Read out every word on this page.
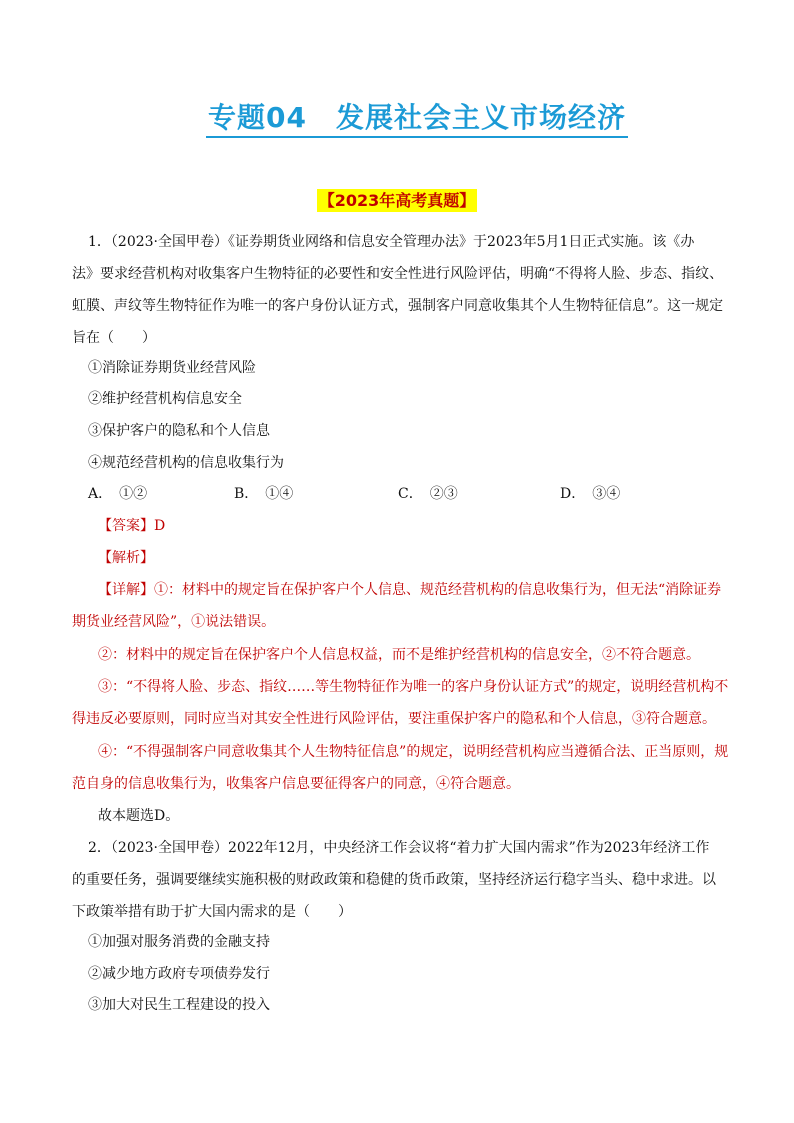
专题04　发展社会主义市场经济
【2023年高考真题】
1．（2023·全国甲卷）《证券期货业网络和信息安全管理办法》于2023年5月1日正式实施。该《办
法》要求经营机构对收集客户生物特征的必要性和安全性进行风险评估，明确“不得将人脸、步态、指纹、
虹膜、声纹等生物特征作为唯一的客户身份认证方式，强制客户同意收集其个人生物特征信息”。这一规定
旨在（　　）
①消除证券期货业经营风险
②维护经营机构信息安全
③保护客户的隐私和个人信息
④规范经营机构的信息收集行为
A．　①②	B．　①④	C．　②③	D．　③④
【答案】D
【解析】
【详解】①：材料中的规定旨在保护客户个人信息、规范经营机构的信息收集行为，但无法“消除证券
期货业经营风险”，①说法错误。
②：材料中的规定旨在保护客户个人信息权益，而不是维护经营机构的信息安全，②不符合题意。
③：“不得将人脸、步态、指纹……等生物特征作为唯一的客户身份认证方式”的规定，说明经营机构不
得违反必要原则，同时应当对其安全性进行风险评估，要注重保护客户的隐私和个人信息，③符合题意。
④：“不得强制客户同意收集其个人生物特征信息”的规定，说明经营机构应当遵循合法、正当原则，规
范自身的信息收集行为，收集客户信息要征得客户的同意，④符合题意。
故本题选D。
2．（2023·全国甲卷）2022年12月，中央经济工作会议将“着力扩大国内需求”作为2023年经济工作
的重要任务，强调要继续实施积极的财政政策和稳健的货币政策，坚持经济运行稳字当头、稳中求进。以
下政策举措有助于扩大国内需求的是（　　）
①加强对服务消费的金融支持
②减少地方政府专项债券发行
③加大对民生工程建设的投入
